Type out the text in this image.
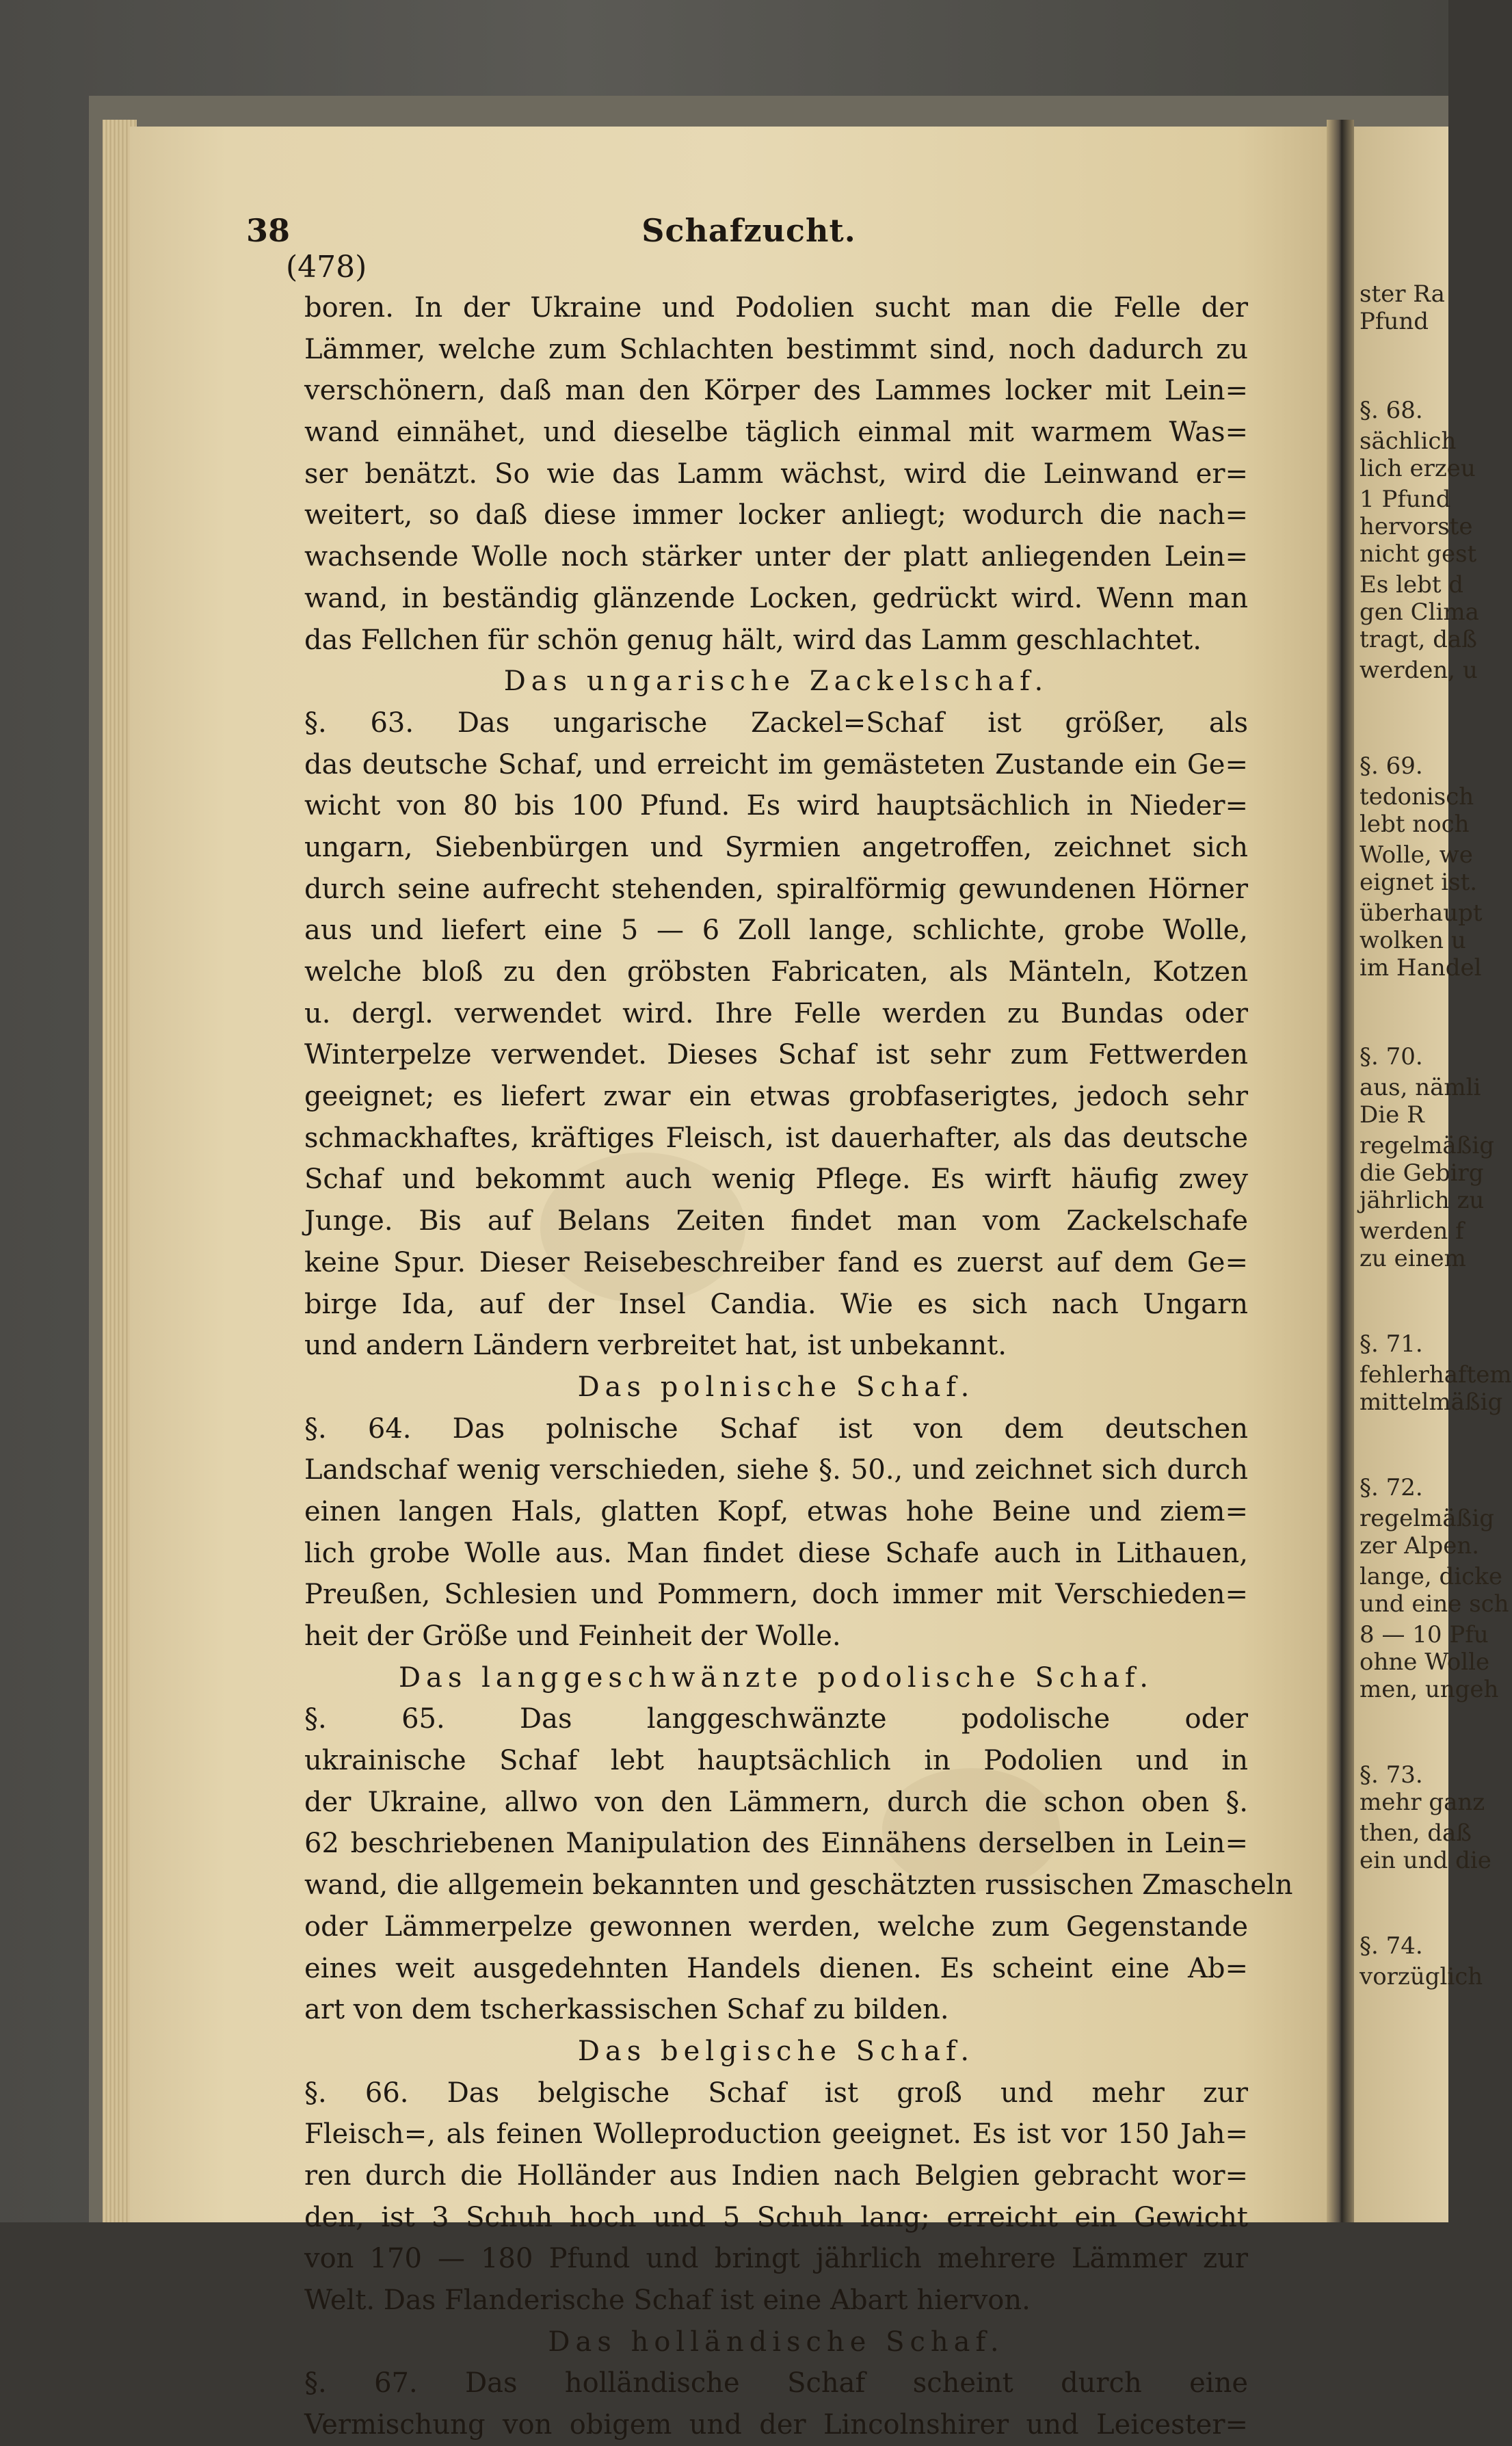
ster Ra
Pfund
§. 68.
sächlich
lich erzeu
1 Pfund
hervorste
nicht gest
Es lebt d
gen Clima
tragt, daß
werden, u
§. 69.
tedonisch
lebt noch
Wolle, we
eignet ist.
überhaupt
wolken u
im Handel
§. 70.
aus, nämli
Die R
regelmäßig
die Gebirg
jährlich zu
werden f
zu einem
§. 71.
fehlerhaftem
mittelmäßig
§. 72.
regelmäßig
zer Alpen.
lange, dicke
und eine sch
8 — 10 Pfu
ohne Wolle
men, ungeh
§. 73.
mehr ganz
then, daß
ein und die
§. 74.
vorzüglich
38	Schafzucht.
(478)
boren. In der Ukraine und Podolien sucht man die Felle der
Lämmer, welche zum Schlachten bestimmt sind, noch dadurch zu
verschönern, daß man den Körper des Lammes locker mit Lein=
wand einnähet, und dieselbe täglich einmal mit warmem Was=
ser benätzt. So wie das Lamm wächst, wird die Leinwand er=
weitert, so daß diese immer locker anliegt; wodurch die nach=
wachsende Wolle noch stärker unter der platt anliegenden Lein=
wand, in beständig glänzende Locken, gedrückt wird. Wenn man
das Fellchen für schön genug hält, wird das Lamm geschlachtet.
Das ungarische Zackelschaf.
§. 63. Das ungarische Zackel=Schaf ist größer, als
das deutsche Schaf, und erreicht im gemästeten Zustande ein Ge=
wicht von 80 bis 100 Pfund. Es wird hauptsächlich in Nieder=
ungarn, Siebenbürgen und Syrmien angetroffen, zeichnet sich
durch seine aufrecht stehenden, spiralförmig gewundenen Hörner
aus und liefert eine 5 — 6 Zoll lange, schlichte, grobe Wolle,
welche bloß zu den gröbsten Fabricaten, als Mänteln, Kotzen
u. dergl. verwendet wird. Ihre Felle werden zu Bundas oder
Winterpelze verwendet. Dieses Schaf ist sehr zum Fettwerden
geeignet; es liefert zwar ein etwas grobfaserigtes, jedoch sehr
schmackhaftes, kräftiges Fleisch, ist dauerhafter, als das deutsche
Schaf und bekommt auch wenig Pflege. Es wirft häufig zwey
Junge. Bis auf Belans Zeiten findet man vom Zackelschafe
keine Spur. Dieser Reisebeschreiber fand es zuerst auf dem Ge=
birge Ida, auf der Insel Candia. Wie es sich nach Ungarn
und andern Ländern verbreitet hat, ist unbekannt.
Das polnische Schaf.
§. 64. Das polnische Schaf ist von dem deutschen
Landschaf wenig verschieden, siehe §. 50., und zeichnet sich durch
einen langen Hals, glatten Kopf, etwas hohe Beine und ziem=
lich grobe Wolle aus. Man findet diese Schafe auch in Lithauen,
Preußen, Schlesien und Pommern, doch immer mit Verschieden=
heit der Größe und Feinheit der Wolle.
Das langgeschwänzte podolische Schaf.
§. 65. Das langgeschwänzte podolische oder
ukrainische Schaf lebt hauptsächlich in Podolien und in
der Ukraine, allwo von den Lämmern, durch die schon oben §.
62 beschriebenen Manipulation des Einnähens derselben in Lein=
wand, die allgemein bekannten und geschätzten russischen Zmascheln
oder Lämmerpelze gewonnen werden, welche zum Gegenstande
eines weit ausgedehnten Handels dienen. Es scheint eine Ab=
art von dem tscherkassischen Schaf zu bilden.
Das belgische Schaf.
§. 66. Das belgische Schaf ist groß und mehr zur
Fleisch=, als feinen Wolleproduction geeignet. Es ist vor 150 Jah=
ren durch die Holländer aus Indien nach Belgien gebracht wor=
den, ist 3 Schuh hoch und 5 Schuh lang; erreicht ein Gewicht
von 170 — 180 Pfund und bringt jährlich mehrere Lämmer zur
Welt. Das Flanderische Schaf ist eine Abart hiervon.
Das holländische Schaf.
§. 67. Das holländische Schaf scheint durch eine
Vermischung von obigem und der Lincolnshirer und Leicester=
